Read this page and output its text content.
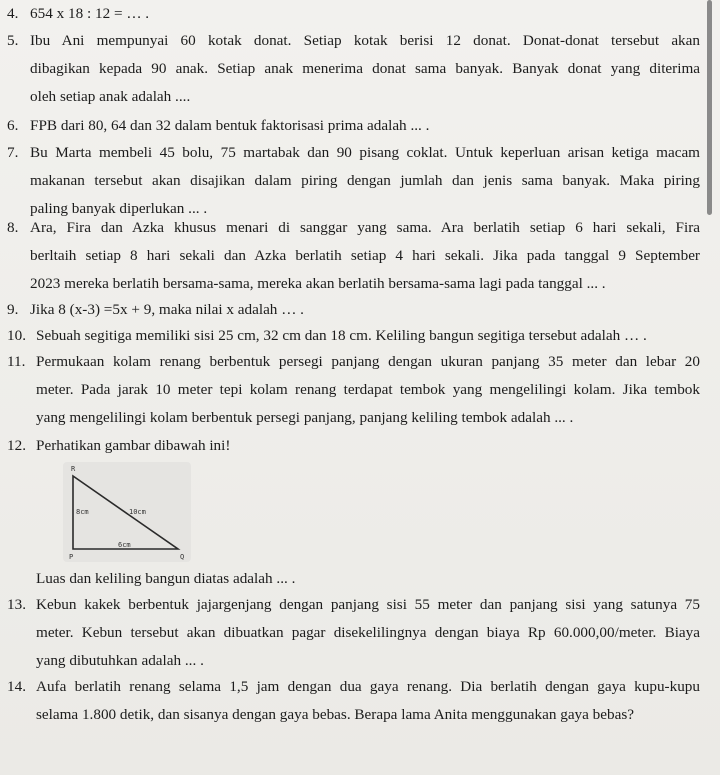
4. 654 x 18 : 12 = … .
5. Ibu Ani mempunyai 60 kotak donat. Setiap kotak berisi 12 donat. Donat-donat tersebut akan
dibagikan kepada 90 anak. Setiap anak menerima donat sama banyak. Banyak donat yang diterima
oleh setiap anak adalah ....
6. FPB dari 80, 64 dan 32 dalam bentuk faktorisasi prima adalah ... .
7. Bu Marta membeli 45 bolu, 75 martabak dan 90 pisang coklat. Untuk keperluan arisan ketiga macam
makanan tersebut akan disajikan dalam piring dengan jumlah dan jenis sama banyak. Maka piring
paling banyak diperlukan ... .
8. Ara, Fira dan Azka khusus menari di sanggar yang sama. Ara berlatih setiap 6 hari sekali, Fira
berltaih setiap 8 hari sekali dan Azka berlatih setiap 4 hari sekali. Jika pada tanggal 9 September
2023 mereka berlatih bersama-sama, mereka akan berlatih bersama-sama lagi pada tanggal ... .
9. Jika 8 (x-3) =5x + 9, maka nilai x adalah … .
10. Sebuah segitiga memiliki sisi 25 cm, 32 cm dan 18 cm. Keliling bangun segitiga tersebut adalah … .
11. Permukaan kolam renang berbentuk persegi panjang dengan ukuran panjang 35 meter dan lebar 20
meter. Pada jarak 10 meter tepi kolam renang terdapat tembok yang mengelilingi kolam. Jika tembok
yang mengelilingi kolam berbentuk persegi panjang, panjang keliling tembok adalah ... .
12. Perhatikan gambar dibawah ini!
R
P	Q
8cm	10cm
6cm
Luas dan keliling bangun diatas adalah ... .
13. Kebun kakek berbentuk jajargenjang dengan panjang sisi 55 meter dan panjang sisi yang satunya 75
meter. Kebun tersebut akan dibuatkan pagar disekelilingnya dengan biaya Rp 60.000,00/meter. Biaya
yang dibutuhkan adalah ... .
14. Aufa berlatih renang selama 1,5 jam dengan dua gaya renang. Dia berlatih dengan gaya kupu-kupu
selama 1.800 detik, dan sisanya dengan gaya bebas. Berapa lama Anita menggunakan gaya bebas?
